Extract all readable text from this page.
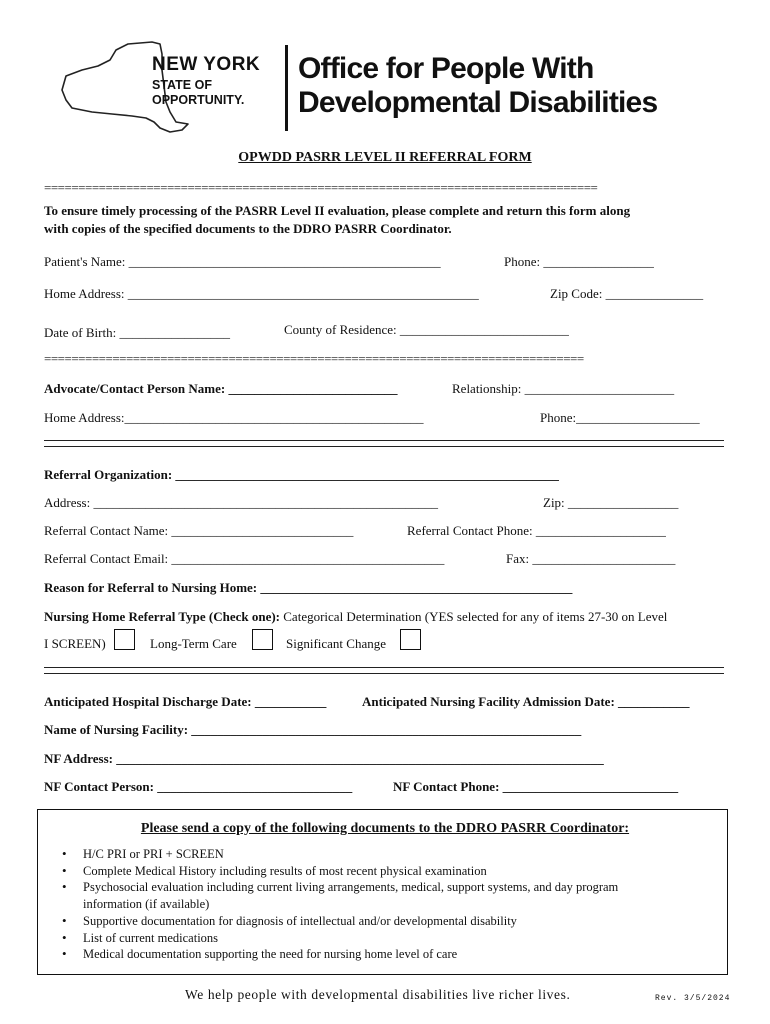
NEW YORK
STATE OF
OPPORTUNITY.
Office for People With
Developmental Disabilities
OPWDD PASRR LEVEL II REFERRAL FORM
=================================================================================
To ensure timely processing of the PASRR Level II evaluation, please complete and return this form along
with copies of the specified documents to the DDRO PASRR Coordinator.
Patient's Name: ________________________________________________	Phone: _________________
Home Address: ______________________________________________________	Zip Code: _______________
Date of Birth: _________________	County of Residence: __________________________
===============================================================================
Advocate/Contact Person Name: __________________________	Relationship: _______________________
Home Address:______________________________________________	Phone:___________________
Referral Organization: ___________________________________________________________
Address: _____________________________________________________	Zip: _________________
Referral Contact Name: ____________________________	Referral Contact Phone: ____________________
Referral Contact Email: __________________________________________	Fax: ______________________
Reason for Referral to Nursing Home: ________________________________________________
Nursing Home Referral Type (Check one): Categorical Determination (YES selected for any of items 27-30 on Level
I SCREEN)	Long-Term Care	Significant Change
Anticipated Hospital Discharge Date: ___________	Anticipated Nursing Facility Admission Date: ___________
Name of Nursing Facility: ____________________________________________________________
NF Address: ___________________________________________________________________________
NF Contact Person: ______________________________	NF Contact Phone: ___________________________
Please send a copy of the following documents to the DDRO PASRR Coordinator:
• H/C PRI or PRI + SCREEN
• Complete Medical History including results of most recent physical examination
• Psychosocial evaluation including current living arrangements, medical, support systems, and day program information (if available)
• Supportive documentation for diagnosis of intellectual and/or developmental disability
• List of current medications
• Medical documentation supporting the need for nursing home level of care
We help people with developmental disabilities live richer lives.	Rev. 3/5/2024
